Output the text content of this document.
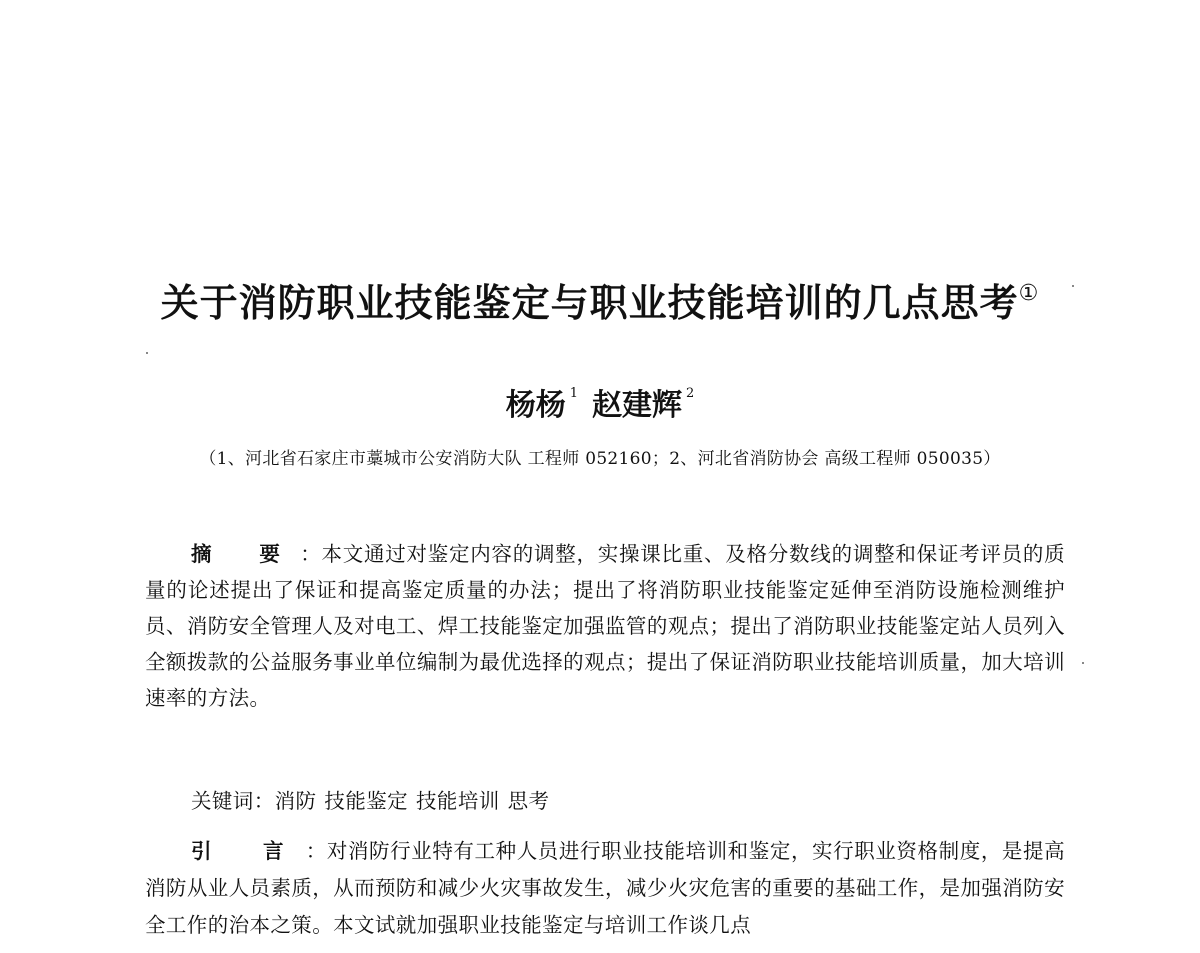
关于消防职业技能鉴定与职业技能培训的几点思考①
杨杨 $^1$ 赵建辉 $^2$
（1、河北省石家庄市藁城市公安消防大队 工程师 052160；2、河北省消防协会 高级工程师 050035）
摘 要：本文通过对鉴定内容的调整，实操课比重、及格分数线的调整和保证考评员的质量的论述提出了保证和提高鉴定质量的办法；提出了将消防职业技能鉴定延伸至消防设施检测维护员、消防安全管理人及对电工、焊工技能鉴定加强监管的观点；提出了消防职业技能鉴定站人员列入全额拨款的公益服务事业单位编制为最优选择的观点；提出了保证消防职业技能培训质量，加大培训速率的方法。
关键词：消防 技能鉴定 技能培训 思考
引 言：对消防行业特有工种人员进行职业技能培训和鉴定，实行职业资格制度，是提高消防从业人员素质，从而预防和减少火灾事故发生，减少火灾危害的重要的基础工作，是加强消防安全工作的治本之策。本文试就加强职业技能鉴定与培训工作谈几点
